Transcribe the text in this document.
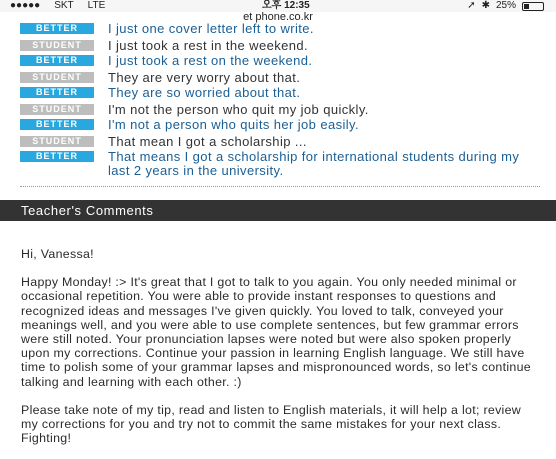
●●●●● SKT LTE	오후 12:35	➚ ✱ 25%
et phone.co.kr
BETTER	I just one cover letter left to write.
STUDENT	I just took a rest in the weekend.
BETTER	I just took a rest on the weekend.
STUDENT	They are very worry about that.
BETTER	They are so worried about that.
STUDENT	I'm not the person who quit my job quickly.
BETTER	I'm not a person who quits her job easily.
STUDENT	That mean I got a scholarship ...
BETTER	That means I got a scholarship for international students during my last 2 years in the university.
Teacher's Comments

Hi, Vanessa!

Happy Monday! :> It's great that I got to talk to you again. You only needed minimal or occasional repetition. You were able to provide instant responses to questions and recognized ideas and messages I've given quickly. You loved to talk, conveyed your meanings well, and you were able to use complete sentences, but few grammar errors were still noted. Your pronunciation lapses were noted but were also spoken properly upon my corrections. Continue your passion in learning English language. We still have time to polish some of your grammar lapses and mispronounced words, so let's continue talking and learning with each other. :)

Please take note of my tip, read and listen to English materials, it will help a lot; review my corrections for you and try not to commit the same mistakes for your next class. Fighting!
